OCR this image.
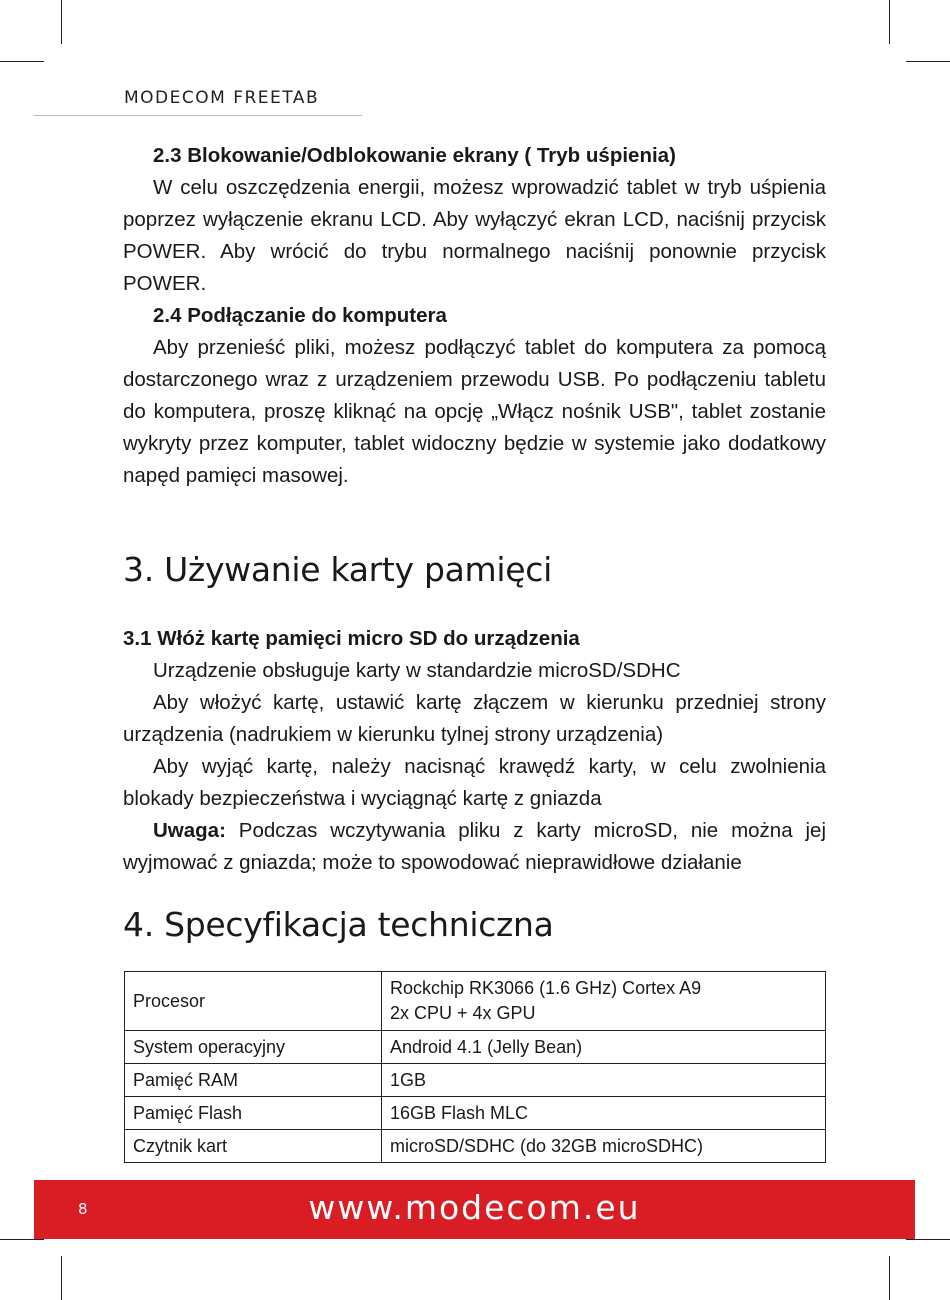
MODECOM FREETAB

2.3 Blokowanie/Odblokowanie ekrany ( Tryb uśpienia)

W celu oszczędzenia energii, możesz wprowadzić tablet w tryb uśpienia poprzez wyłączenie ekranu LCD. Aby wyłączyć ekran LCD, naciśnij przycisk POWER. Aby wrócić do trybu normalnego naciśnij ponownie przycisk POWER.

2.4 Podłączanie do komputera

Aby przenieść pliki, możesz podłączyć tablet do komputera za pomocą dostarczonego wraz z urządzeniem przewodu USB. Po podłączeniu tabletu do komputera, proszę kliknąć na opcję „Włącz nośnik USB", tablet zostanie wykryty przez komputer, tablet widoczny będzie w systemie jako dodatkowy napęd pamięci masowej.

3. Używanie karty pamięci

3.1 Włóż kartę pamięci micro SD do urządzenia

Urządzenie obsługuje karty w standardzie microSD/SDHC

Aby włożyć kartę, ustawić kartę złączem w kierunku przedniej strony urządzenia (nadrukiem w kierunku tylnej strony urządzenia)

Aby wyjąć kartę, należy nacisnąć krawędź karty, w celu zwolnienia blokady bezpieczeństwa i wyciągnąć kartę z gniazda

Uwaga: Podczas wczytywania pliku z karty microSD, nie można jej wyjmować z gniazda; może to spowodować nieprawidłowe działanie

4. Specyfikacja techniczna
Procesor	Rockchip RK3066 (1.6 GHz) Cortex A9
2x CPU + 4x GPU

System operacyjny	Android 4.1 (Jelly Bean)
Pamięć RAM	1GB
Pamięć Flash	16GB Flash MLC
Czytnik kart	microSD/SDHC (do 32GB microSDHC)
8	www.modecom.eu
